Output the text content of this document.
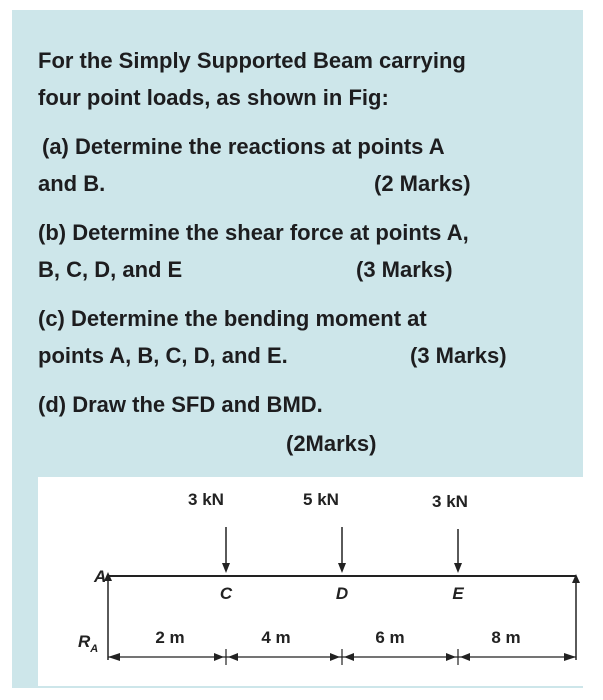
For the Simply Supported Beam carrying
four point loads, as shown in Fig:
(a) Determine the reactions at points A
and B.	(2 Marks)
(b) Determine the shear force at points A,
B, C, D, and E	(3 Marks)
(c) Determine the bending moment at
points A, B, C, D, and E.	(3 Marks)
(d) Draw the SFD and BMD.
(2Marks)
3 kN	5 kN	3 kN
A
C	D	E
$R_A$
2 m	4 m	6 m	8 m
